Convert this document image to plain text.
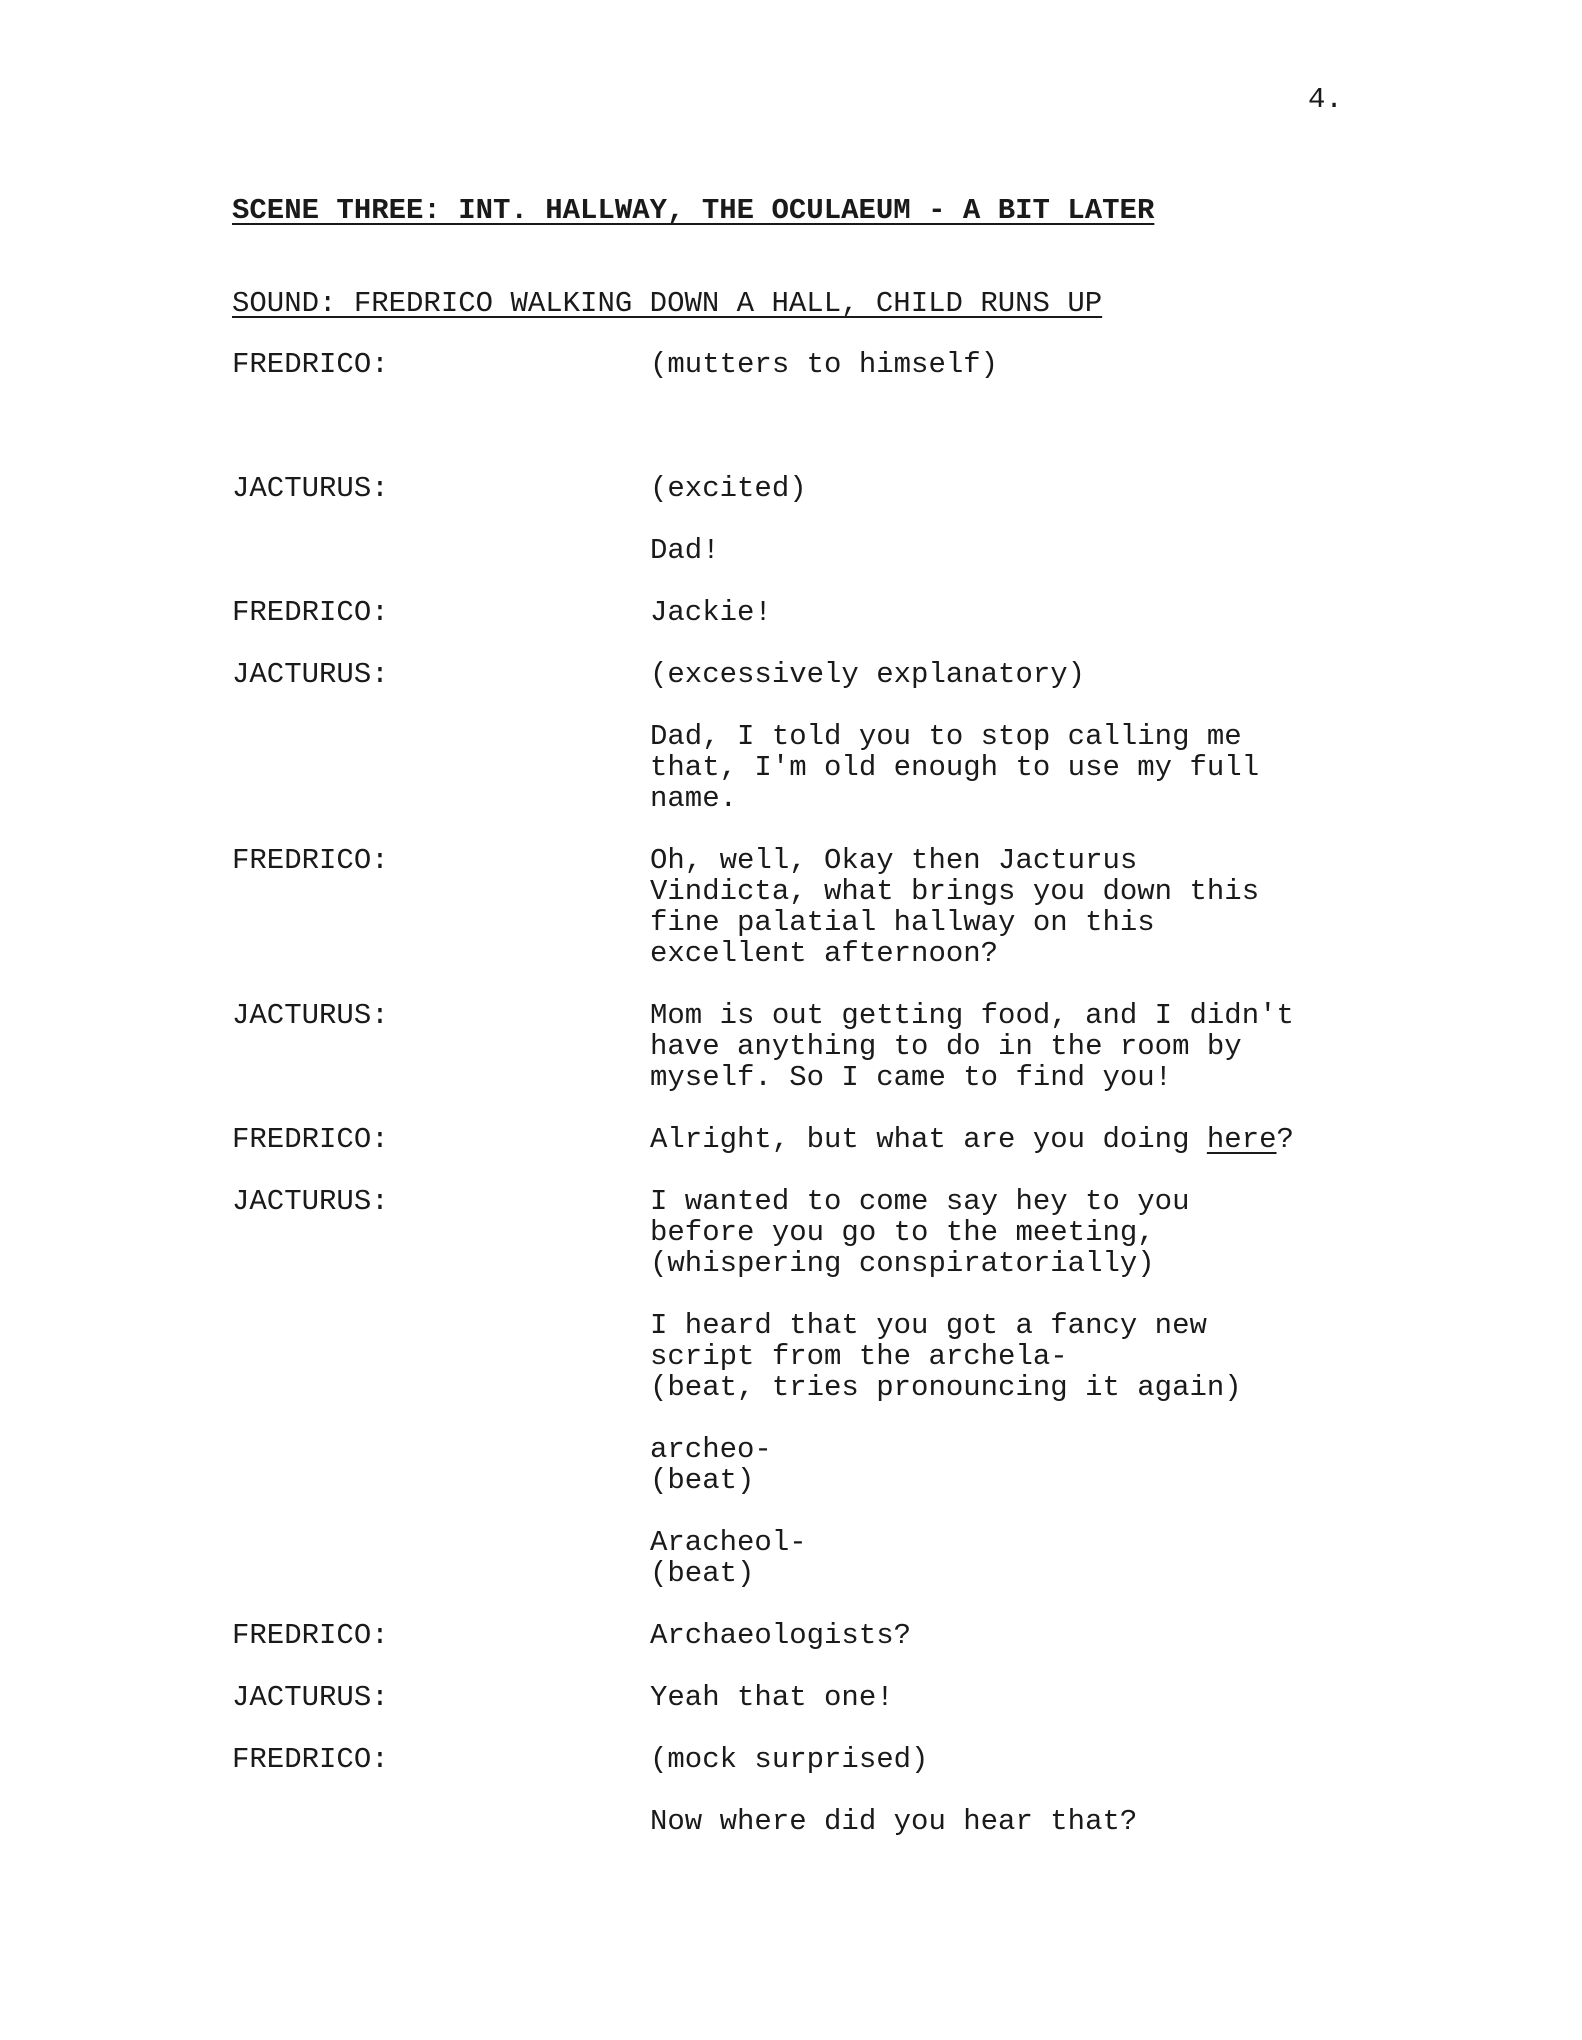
4.
SCENE THREE: INT. HALLWAY, THE OCULAEUM - A BIT LATER
SOUND: FREDRICO WALKING DOWN A HALL, CHILD RUNS UP
FREDRICO:	(mutters to himself)
JACTURUS:	(excited)
Dad!
FREDRICO:	Jackie!
JACTURUS:	(excessively explanatory)
Dad, I told you to stop calling me
that, I'm old enough to use my full
name.
FREDRICO:	Oh, well, Okay then Jacturus
Vindicta, what brings you down this
fine palatial hallway on this
excellent afternoon?
JACTURUS:	Mom is out getting food, and I didn't
have anything to do in the room by
myself. So I came to find you!
FREDRICO:	Alright, but what are you doing here?
JACTURUS:	I wanted to come say hey to you
before you go to the meeting,
(whispering conspiratorially)
I heard that you got a fancy new
script from the archela-
(beat, tries pronouncing it again)
archeo-
(beat)
Aracheol-
(beat)
FREDRICO:	Archaeologists?
JACTURUS:	Yeah that one!
FREDRICO:	(mock surprised)
Now where did you hear that?
